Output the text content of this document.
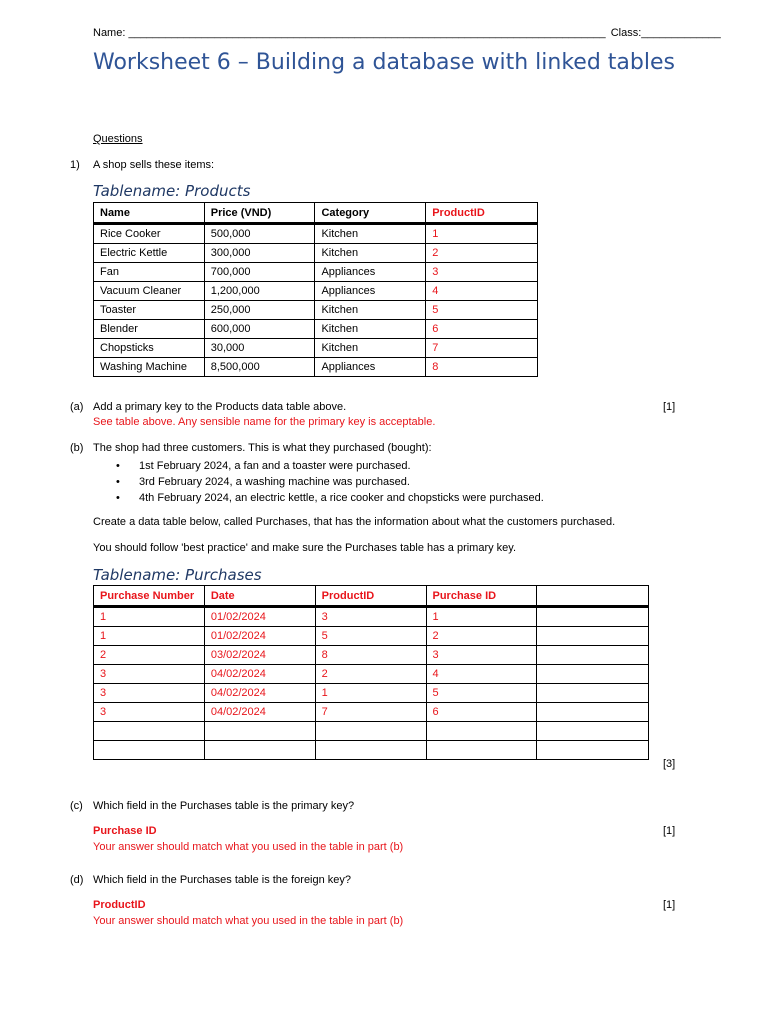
Name: ______________________________________________________________________________ Class:_____________
Worksheet 6 – Building a database with linked tables
Questions
1) A shop sells these items:
Tablename: Products
Name	Price (VND)	Category	ProductID
Rice Cooker	500,000	Kitchen	1
Electric Kettle	300,000	Kitchen	2
Fan	700,000	Appliances	3
Vacuum Cleaner	1,200,000	Appliances	4
Toaster	250,000	Kitchen	5
Blender	600,000	Kitchen	6
Chopsticks	30,000	Kitchen	7
Washing Machine	8,500,000	Appliances	8
(a) Add a primary key to the Products data table above.	[1]
See table above. Any sensible name for the primary key is acceptable.
(b) The shop had three customers. This is what they purchased (bought):
• 1st February 2024, a fan and a toaster were purchased.
• 3rd February 2024, a washing machine was purchased.
• 4th February 2024, an electric kettle, a rice cooker and chopsticks were purchased.
Create a data table below, called Purchases, that has the information about what the customers purchased.
You should follow 'best practice' and make sure the Purchases table has a primary key.
Tablename: Purchases
Purchase Number	Date	ProductID	Purchase ID	
1	01/02/2024	3	1	
1	01/02/2024	5	2	
2	03/02/2024	8	3	
3	04/02/2024	2	4	
3	04/02/2024	1	5	
3	04/02/2024	7	6	

[3]
(c) Which field in the Purchases table is the primary key?
Purchase ID	[1]
Your answer should match what you used in the table in part (b)
(d) Which field in the Purchases table is the foreign key?
ProductID	[1]
Your answer should match what you used in the table in part (b)
